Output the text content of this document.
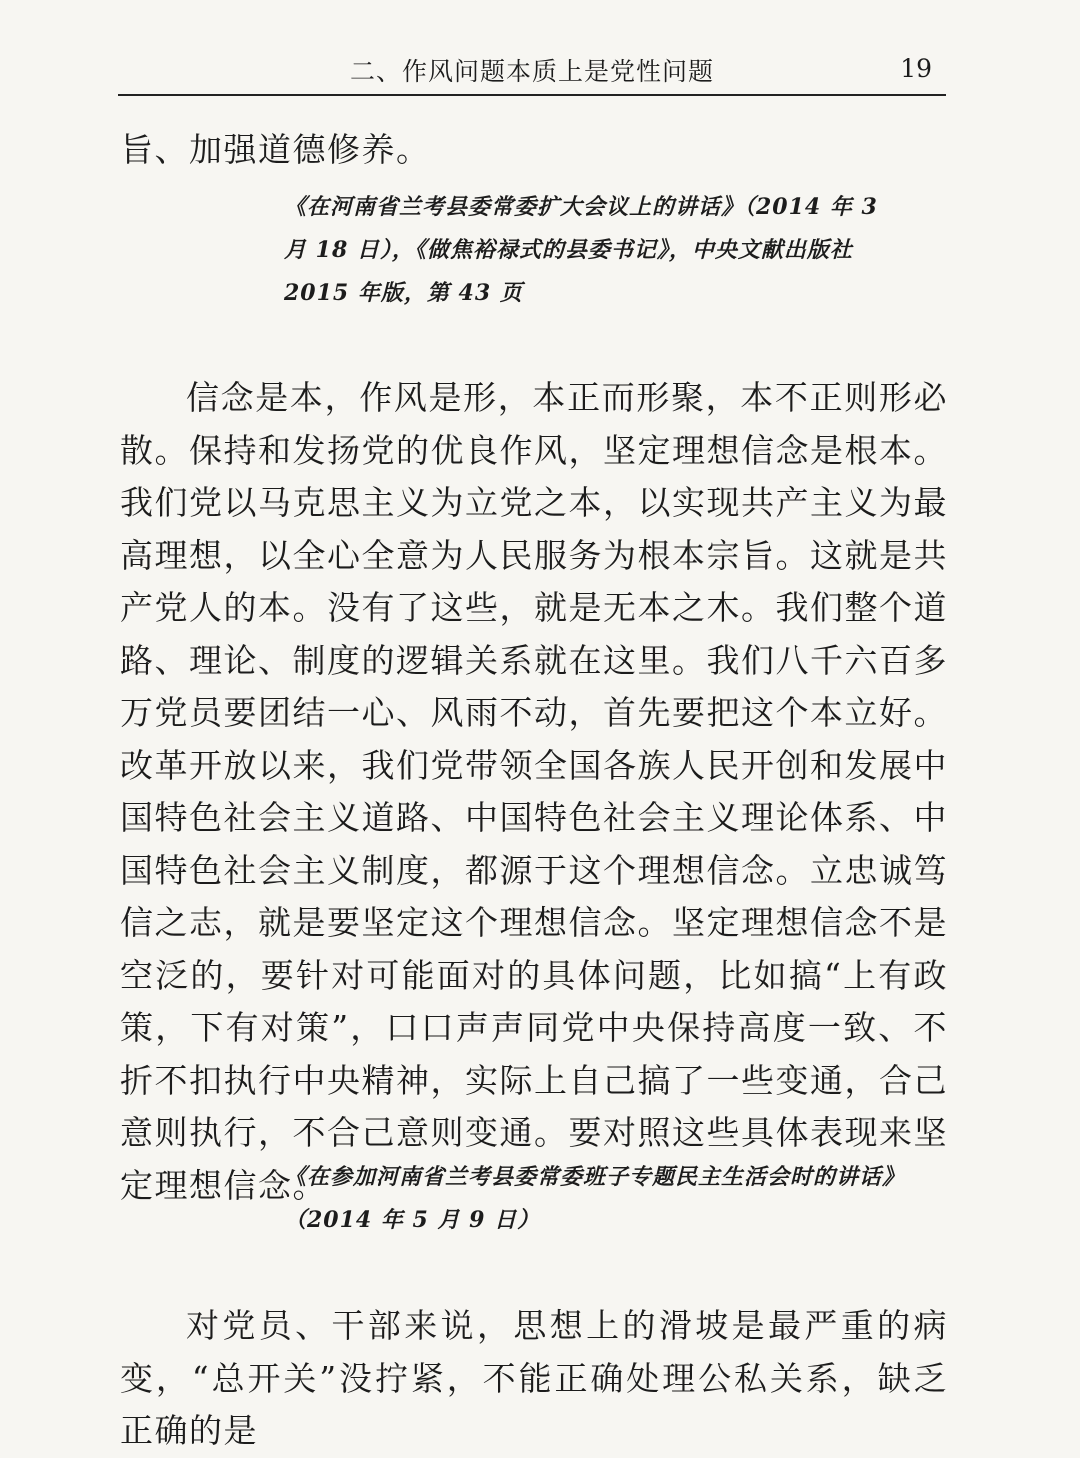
二、作风问题本质上是党性问题	19
旨、加强道德修养。
《在河南省兰考县委常委扩大会议上的讲话》（2014 年 3
月 18 日），《做焦裕禄式的县委书记》，中央文献出版社
2015 年版，第 43 页
信念是本，作风是形，本正而形聚，本不正则形必散。保持和发扬党的优良作风，坚定理想信念是根本。我们党以马克思主义为立党之本，以实现共产主义为最高理想，以全心全意为人民服务为根本宗旨。这就是共产党人的本。没有了这些，就是无本之木。我们整个道路、理论、制度的逻辑关系就在这里。我们八千六百多万党员要团结一心、风雨不动，首先要把这个本立好。改革开放以来，我们党带领全国各族人民开创和发展中国特色社会主义道路、中国特色社会主义理论体系、中国特色社会主义制度，都源于这个理想信念。立忠诚笃信之志，就是要坚定这个理想信念。坚定理想信念不是空泛的，要针对可能面对的具体问题，比如搞“上有政策，下有对策”，口口声声同党中央保持高度一致、不折不扣执行中央精神，实际上自己搞了一些变通，合己意则执行，不合己意则变通。要对照这些具体表现来坚定理想信念。
《在参加河南省兰考县委常委班子专题民主生活会时的讲话》
（2014 年 5 月 9 日）
对党员、干部来说，思想上的滑坡是最严重的病变，“总开关”没拧紧，不能正确处理公私关系，缺乏正确的是
